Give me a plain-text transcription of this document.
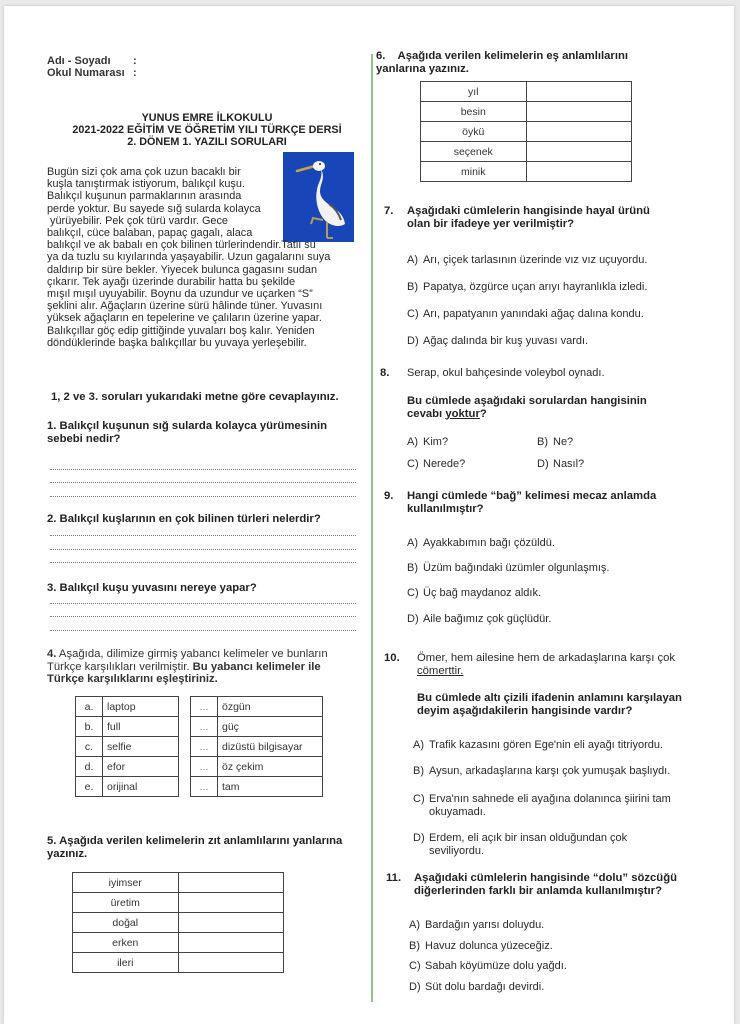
Adı - Soyadı	:
Okul Numarası :
YUNUS EMRE İLKOKULU
2021-2022 EĞİTİM VE ÖĞRETİM YILI TÜRKÇE DERSİ
2. DÖNEM 1. YAZILI SORULARI
Bugün sizi çok ama çok uzun bacaklı bir
kuşla tanıştırmak istiyorum, balıkçıl kuşu.
Balıkçıl kuşunun parmaklarının arasında
perde yoktur. Bu sayede sığ sularda kolayca
yürüyebilir. Pek çok türü vardır. Gece
balıkçıl, cüce balaban, papaç gagalı, alaca
balıkçıl ve ak babalı en çok bilinen türlerindendir.Tatlı su
ya da tuzlu su kıyılarında yaşayabilir. Uzun gagalarını suya
daldırıp bir süre bekler. Yiyecek bulunca gagasını sudan
çıkarır. Tek ayağı üzerinde durabilir hatta bu şekilde
mışıl mışıl uyuyabilir. Boynu da uzundur ve uçarken “S”
şeklini alır. Ağaçların üzerine sürü hâlinde tüner. Yuvasını
yüksek ağaçların en tepelerine ve çalıların üzerine yapar.
Balıkçıllar göç edip gittiğinde yuvaları boş kalır. Yeniden
döndüklerinde başka balıkçıllar bu yuvaya yerleşebilir.
1, 2 ve 3. soruları yukarıdaki metne göre cevaplayınız.
1. Balıkçıl kuşunun sığ sularda kolayca yürümesinin
sebebi nedir?
2. Balıkçıl kuşlarının en çok bilinen türleri nelerdir?
3. Balıkçıl kuşu yuvasını nereye yapar?
4. Aşağıda, dilimize girmiş yabancı kelimeler ve bunların
Türkçe karşılıkları verilmiştir. Bu yabancı kelimeler ile
Türkçe karşılıklarını eşleştiriniz.
a.	laptop
b.	full
c.	selfie
d.	efor
e.	orijinal
...	özgün
...	güç
...	dizüstü bilgisayar
...	öz çekim
...	tam
5. Aşağıda verilen kelimelerin zıt anlamlılarını yanlarına
yazınız.
iyimser	
üretim	
doğal	
erken	
ileri	
6.    Aşağıda verilen kelimelerin eş anlamlılarını
yanlarına yazınız.
yıl	
besin	
öykü	
seçenek	
minik	
7. Aşağıdaki cümlelerin hangisinde hayal ürünü
olan bir ifadeye yer verilmiştir?
A) Arı, çiçek tarlasının üzerinde vız vız uçuyordu.
B) Papatya, özgürce uçan arıyı hayranlıkla izledi.
C) Arı, papatyanın yanındaki ağaç dalına kondu.
D) Ağaç dalında bir kuş yuvası vardı.
8. Serap, okul bahçesinde voleybol oynadı.
Bu cümlede aşağıdaki sorulardan hangisinin
cevabı yoktur?
A) Kim?	B) Ne?
C) Nerede?	D) Nasıl?
9. Hangi cümlede “bağ” kelimesi mecaz anlamda
kullanılmıştır?
A) Ayakkabımın bağı çözüldü.
B) Üzüm bağındaki üzümler olgunlaşmış.
C) Üç bağ maydanoz aldık.
D) Aile bağımız çok güçlüdür.
10. Ömer, hem ailesine hem de arkadaşlarına karşı çok
cömerttir.
Bu cümlede altı çizili ifadenin anlamını karşılayan
deyim aşağıdakilerin hangisinde vardır?
A) Trafik kazasını gören Ege'nin eli ayağı titriyordu.
B) Aysun, arkadaşlarına karşı çok yumuşak başlıydı.
C) Erva'nın sahnede eli ayağına dolanınca şiirini tam
okuyamadı.
D) Erdem, eli açık bir insan olduğundan çok
seviliyordu.
11. Aşağıdaki cümlelerin hangisinde “dolu” sözcüğü
diğerlerinden farklı bir anlamda kullanılmıştır?
A) Bardağın yarısı doluydu.
B) Havuz dolunca yüzeceğiz.
C) Sabah köyümüze dolu yağdı.
D) Süt dolu bardağı devirdi.
